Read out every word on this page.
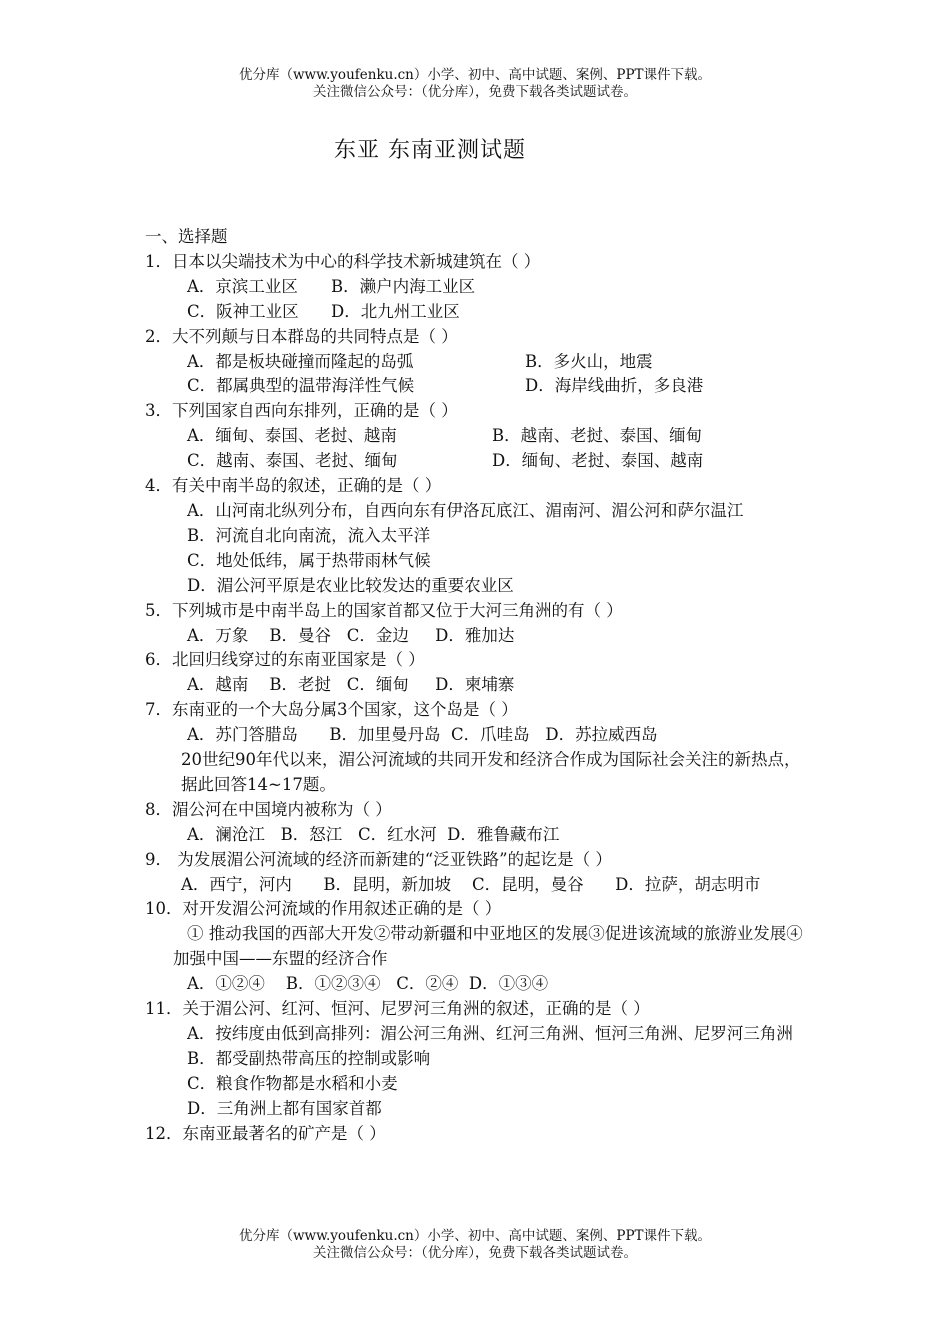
优分库（www.youfenku.cn）小学、初中、高中试题、案例、PPT课件下载。
关注微信公众号：（优分库），免费下载各类试题试卷。
东亚 东南亚测试题
一、选择题
1．日本以尖端技术为中心的科学技术新城建筑在（ ）
A．京滨工业区 B．濑户内海工业区
C．阪神工业区 D．北九州工业区
2．大不列颠与日本群岛的共同特点是（ ）
A．都是板块碰撞而隆起的岛弧	B．多火山，地震
C．都属典型的温带海洋性气候	D．海岸线曲折，多良港
3．下列国家自西向东排列，正确的是（ ）
A．缅甸、泰国、老挝、越南	B．越南、老挝、泰国、缅甸
C．越南、泰国、老挝、缅甸	D．缅甸、老挝、泰国、越南
4．有关中南半岛的叙述，正确的是（ ）
A．山河南北纵列分布，自西向东有伊洛瓦底江、湄南河、湄公河和萨尔温江
B．河流自北向南流，流入太平洋
C．地处低纬，属于热带雨林气候
D．湄公河平原是农业比较发达的重要农业区
5．下列城市是中南半岛上的国家首都又位于大河三角洲的有（ ）
A．万象    B．曼谷   C．金边     D．雅加达
6．北回归线穿过的东南亚国家是（ ）
A．越南    B．老挝   C．缅甸     D．柬埔寨
7．东南亚的一个大岛分属3个国家，这个岛是（ ）
A．苏门答腊岛      B．加里曼丹岛  C．爪哇岛   D．苏拉威西岛
20世纪90年代以来，湄公河流域的共同开发和经济合作成为国际社会关注的新热点，据此回答14~17题。
8．湄公河在中国境内被称为（ ）
A．澜沧江   B．怒江   C．红水河  D．雅鲁藏布江
9． 为发展湄公河流域的经济而新建的“泛亚铁路”的起讫是（ ）
A．西宁，河内      B．昆明，新加坡    C．昆明，曼谷      D．拉萨，胡志明市
10．对开发湄公河流域的作用叙述正确的是（ ）
① 推动我国的西部大开发②带动新疆和中亚地区的发展③促进该流域的旅游业发展④加强中国——东盟的经济合作
A．①②④    B．①②③④   C．②④  D．①③④
11．关于湄公河、红河、恒河、尼罗河三角洲的叙述，正确的是（ ）
A．按纬度由低到高排列：湄公河三角洲、红河三角洲、恒河三角洲、尼罗河三角洲
B．都受副热带高压的控制或影响
C．粮食作物都是水稻和小麦
D．三角洲上都有国家首都
12．东南亚最著名的矿产是（ ）
优分库（www.youfenku.cn）小学、初中、高中试题、案例、PPT课件下载。
关注微信公众号：（优分库），免费下载各类试题试卷。
